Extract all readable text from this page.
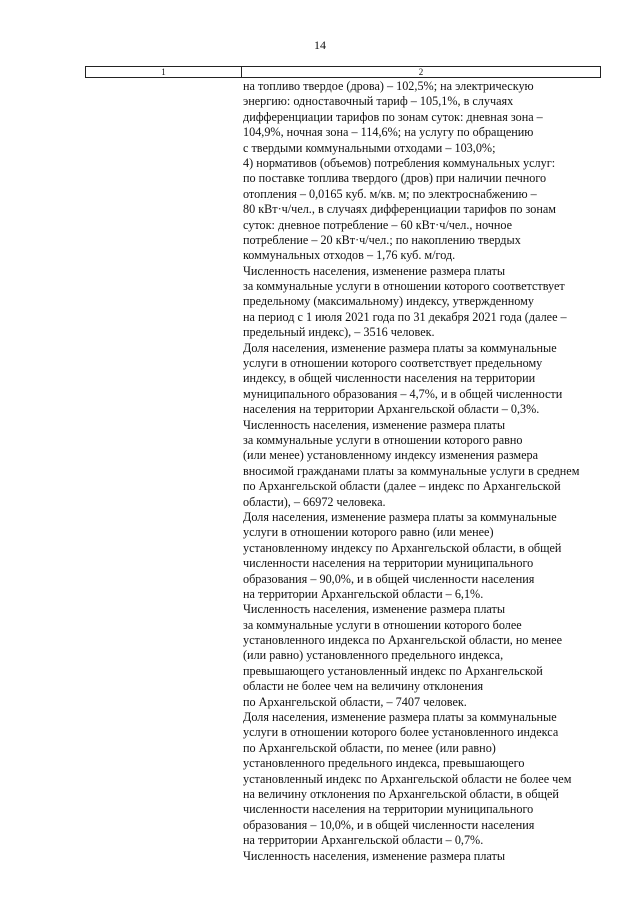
14
1	2
на топливо твердое (дрова) – 102,5%; на электрическую
энергию: одноставочный тариф – 105,1%, в случаях
дифференциации тарифов по зонам суток: дневная зона –
104,9%, ночная зона – 114,6%; на услугу по обращению
с твердыми коммунальными отходами – 103,0%;
4) нормативов (объемов) потребления коммунальных услуг:
по поставке топлива твердого (дров) при наличии печного
отопления – 0,0165 куб. м/кв. м; по электроснабжению –
80 кВт·ч/чел., в случаях дифференциации тарифов по зонам
суток: дневное потребление – 60 кВт·ч/чел., ночное
потребление – 20 кВт·ч/чел.; по накоплению твердых
коммунальных отходов – 1,76 куб. м/год.
Численность населения, изменение размера платы
за коммунальные услуги в отношении которого соответствует
предельному (максимальному) индексу, утвержденному
на период с 1 июля 2021 года по 31 декабря 2021 года (далее –
предельный индекс), – 3516 человек.
Доля населения, изменение размера платы за коммунальные
услуги в отношении которого соответствует предельному
индексу, в общей численности населения на территории
муниципального образования – 4,7%, и в общей численности
населения на территории Архангельской области – 0,3%.
Численность населения, изменение размера платы
за коммунальные услуги в отношении которого равно
(или менее) установленному индексу изменения размера
вносимой гражданами платы за коммунальные услуги в среднем
по Архангельской области (далее – индекс по Архангельской
области), – 66972 человека.
Доля населения, изменение размера платы за коммунальные
услуги в отношении которого равно (или менее)
установленному индексу по Архангельской области, в общей
численности населения на территории муниципального
образования – 90,0%, и в общей численности населения
на территории Архангельской области – 6,1%.
Численность населения, изменение размера платы
за коммунальные услуги в отношении которого более
установленного индекса по Архангельской области, но менее
(или равно) установленного предельного индекса,
превышающего установленный индекс по Архангельской
области не более чем на величину отклонения
по Архангельской области, – 7407 человек.
Доля населения, изменение размера платы за коммунальные
услуги в отношении которого более установленного индекса
по Архангельской области, по менее (или равно)
установленного предельного индекса, превышающего
установленный индекс по Архангельской области не более чем
на величину отклонения по Архангельской области, в общей
численности населения на территории муниципального
образования – 10,0%, и в общей численности населения
на территории Архангельской области – 0,7%.
Численность населения, изменение размера платы
